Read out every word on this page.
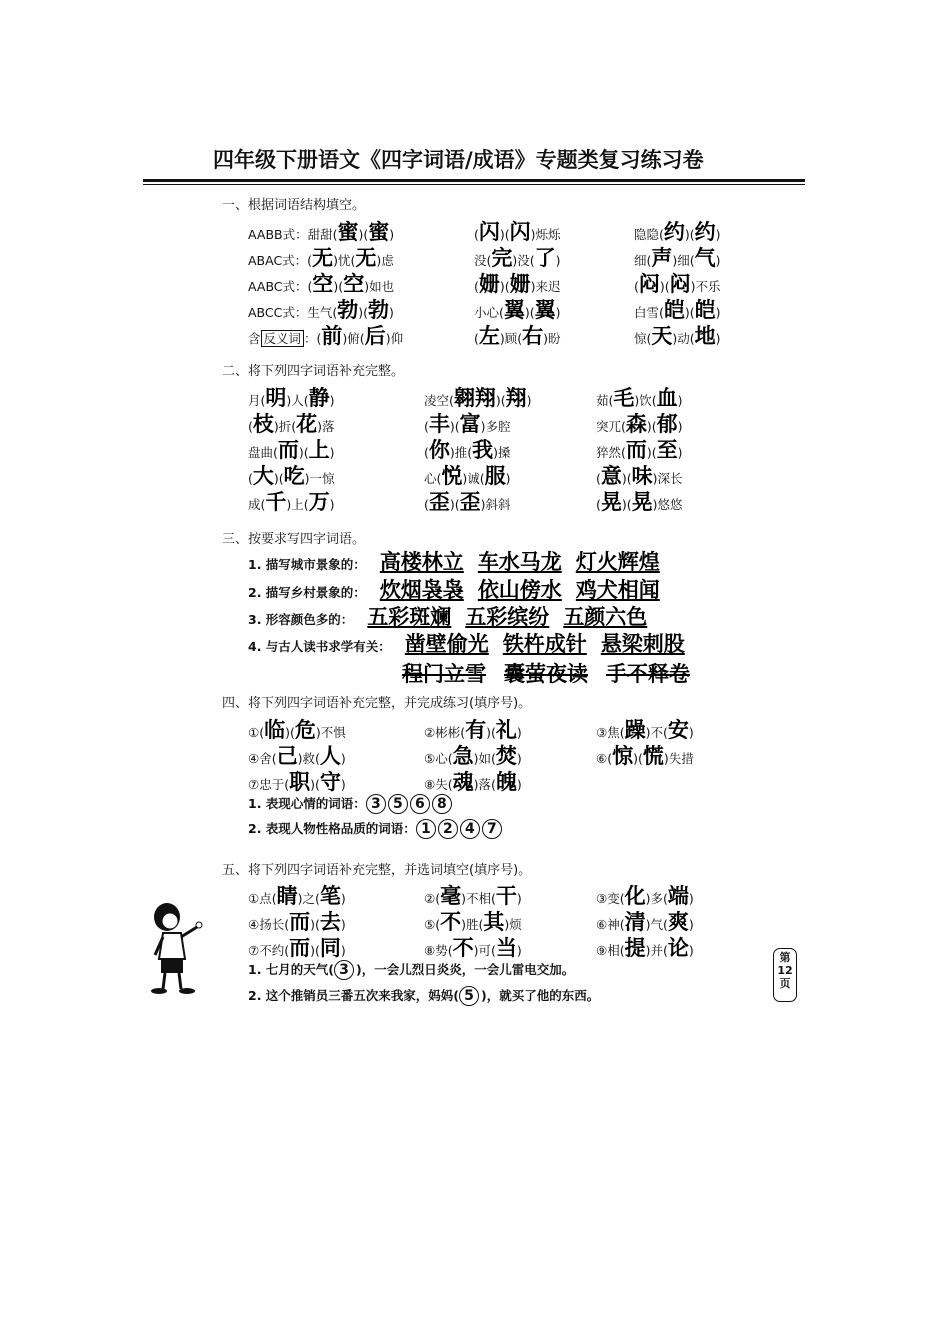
四年级下册语文《四字词语/成语》专题类复习练习卷
一、根据词语结构填空。
AABB式：甜甜(蜜)(蜜)	(闪)(闪)烁烁	隐隐(约)(约)
ABAC式：(无)忧(无)虑	没(完)没(了)	细(声)细(气)
AABC式：(空)(空)如也	(姗)(姗)来迟	(闷)(闷)不乐
ABCC式：生气(勃)(勃)	小心(翼)(翼)	白雪(皑)(皑)
含 反义词 ：(前)俯(后)仰	(左)顾(右)盼	惊(天)动(地)
二、将下列四字词语补充完整。
月(明)人(静)	凌空(翱翔)(翔)	茹(毛)饮(血)
(枝)折(花)落	(丰)(富)多腔	突兀(森)(郁)
盘曲(而)(上)	(你)推(我)搡	猝然(而)(至)
(大)(吃)一惊	心(悦)诚(服)	(意)(味)深长
成(千)上(万)	(歪)(歪)斜斜	(晃)(晃)悠悠
三、按要求写四字词语。
1. 描写城市景象的： 高楼林立 车水马龙 灯火辉煌
2. 描写乡村景象的： 炊烟袅袅 依山傍水 鸡犬相闻
3. 形容颜色多的： 五彩斑斓 五彩缤纷 五颜六色
4. 与古人读书求学有关： 凿壁偷光 铁杵成针 悬梁刺股
程门立雪 囊萤夜读 手不释卷
四、将下列四字词语补充完整，并完成练习(填序号)。
①(临)(危)不惧	②彬彬(有)(礼)	③焦(躁)不(安)
④舍(己)救(人)	⑤心(急)如(焚)	⑥(惊)(慌)失措
⑦忠于(职)(守)	⑧失(魂)落(魄)
1. 表现心情的词语： 3 5 6 8
2. 表现人物性格品质的词语： 1 2 4 7
五、将下列四字词语补充完整，并选词填空(填序号)。
①点(睛)之(笔)	②(毫)不相(干)	③变(化)多(端)
④扬长(而)(去)	⑤(不)胜(其)烦	⑥神(清)气(爽)
⑦不约(而)(同)	⑧势(不)可(当)	⑨相(提)并(论)
1. 七月的天气( 3 )，一会儿烈日炎炎，一会儿雷电交加。
2. 这个推销员三番五次来我家，妈妈( 5 )，就买了他的东西。
第
12
页
